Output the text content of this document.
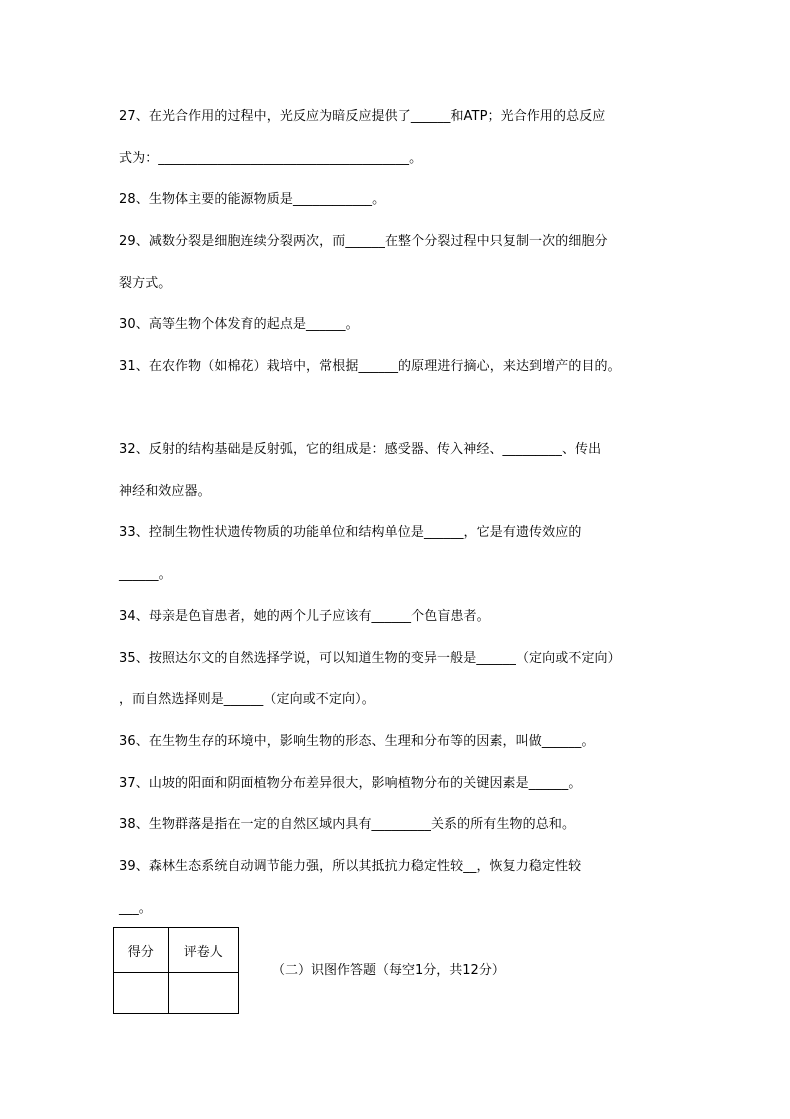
27、在光合作用的过程中，光反应为暗反应提供了______和ATP；光合作用的总反应
式为：______________________________________。
28、生物体主要的能源物质是____________。
29、减数分裂是细胞连续分裂两次，而______在整个分裂过程中只复制一次的细胞分
裂方式。
30、高等生物个体发育的起点是______。
31、在农作物（如棉花）栽培中，常根据______的原理进行摘心，来达到增产的目的。
32、反射的结构基础是反射弧，它的组成是：感受器、传入神经、_________、传出
神经和效应器。
33、控制生物性状遗传物质的功能单位和结构单位是______，它是有遗传效应的
______。
34、母亲是色盲患者，她的两个儿子应该有______个色盲患者。
35、按照达尔文的自然选择学说，可以知道生物的变异一般是______（定向或不定向）
，而自然选择则是______（定向或不定向）。
36、在生物生存的环境中，影响生物的形态、生理和分布等的因素，叫做______。
37、山坡的阳面和阴面植物分布差异很大，影响植物分布的关键因素是______。
38、生物群落是指在一定的自然区域内具有_________关系的所有生物的总和。
39、森林生态系统自动调节能力强，所以其抵抗力稳定性较__，恢复力稳定性较
___。
得分	评卷人

（二）识图作答题（每空1分，共12分）
